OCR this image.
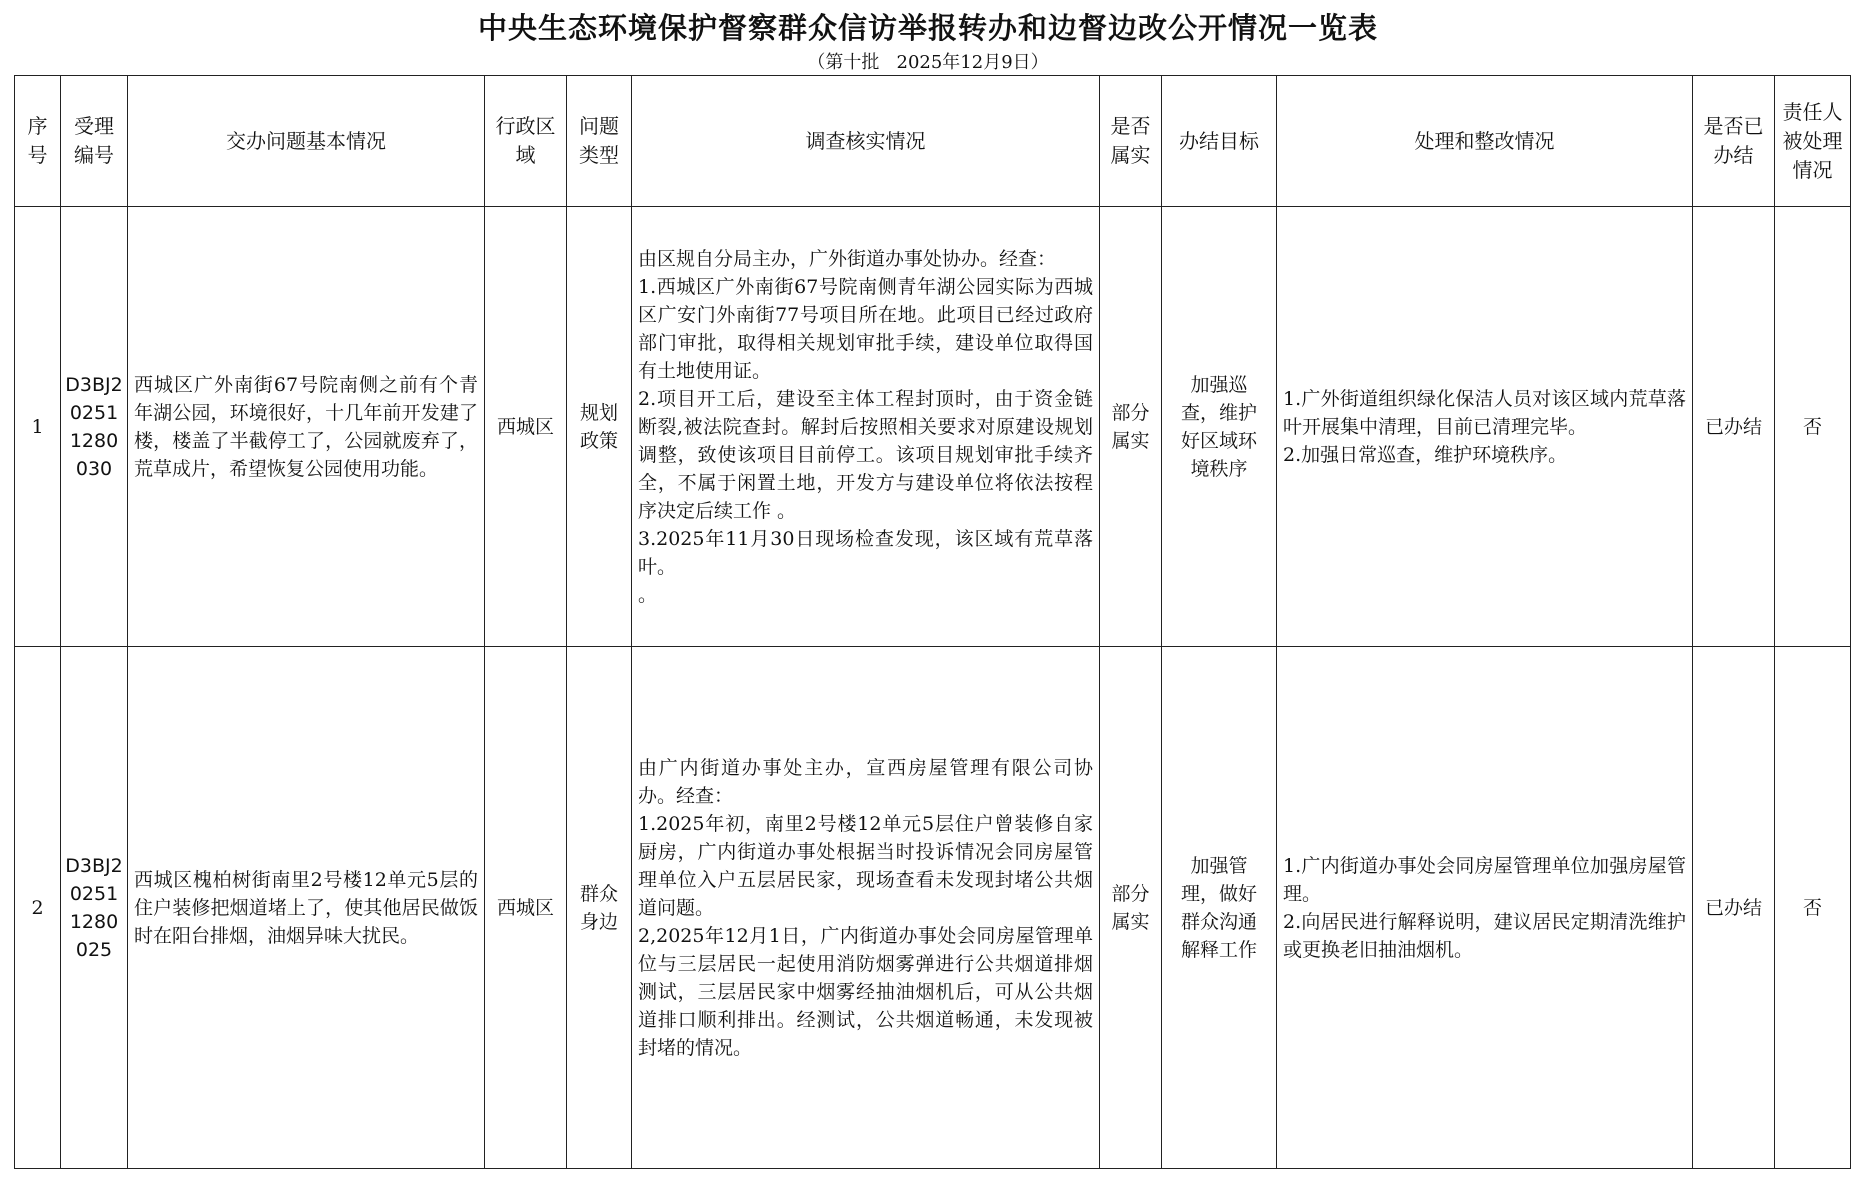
中央生态环境保护督察群众信访举报转办和边督边改公开情况一览表
（第十批   2025年12月9日）
序号	受理编号	交办问题基本情况	行政区域	问题类型	调查核实情况	是否属实	办结目标	处理和整改情况	是否已办结	责任人被处理情况
1	D3BJ202511280030	西城区广外南街67号院南侧之前有个青年湖公园，环境很好，十几年前开发建了楼，楼盖了半截停工了，公园就废弃了，荒草成片，希望恢复公园使用功能。	西城区	规划政策	由区规自分局主办，广外街道办事处协办。经查：
1.西城区广外南街67号院南侧青年湖公园实际为西城区广安门外南街77号项目所在地。此项目已经过政府部门审批，取得相关规划审批手续，建设单位取得国有土地使用证。
2.项目开工后，建设至主体工程封顶时，由于资金链断裂,被法院查封。解封后按照相关要求对原建设规划调整，致使该项目目前停工。该项目规划审批手续齐全，不属于闲置土地，开发方与建设单位将依法按程序决定后续工作 。
3.2025年11月30日现场检查发现，该区域有荒草落叶。
。	部分属实	加强巡查，维护好区域环境秩序	1.广外街道组织绿化保洁人员对该区域内荒草落叶开展集中清理，目前已清理完毕。
2.加强日常巡查，维护环境秩序。	已办结	否
2	D3BJ202511280025	西城区槐柏树街南里2号楼12单元5层的住户装修把烟道堵上了，使其他居民做饭时在阳台排烟，油烟异味大扰民。	西城区	群众身边	由广内街道办事处主办，宣西房屋管理有限公司协办。经查：
1.2025年初，南里2号楼12单元5层住户曾装修自家厨房，广内街道办事处根据当时投诉情况会同房屋管理单位入户五层居民家，现场查看未发现封堵公共烟道问题。
2,2025年12月1日，广内街道办事处会同房屋管理单位与三层居民一起使用消防烟雾弹进行公共烟道排烟测试，三层居民家中烟雾经抽油烟机后，可从公共烟道排口顺利排出。经测试，公共烟道畅通，未发现被封堵的情况。	部分属实	加强管理，做好群众沟通解释工作	1.广内街道办事处会同房屋管理单位加强房屋管理。
2.向居民进行解释说明，建议居民定期清洗维护或更换老旧抽油烟机。	已办结	否
